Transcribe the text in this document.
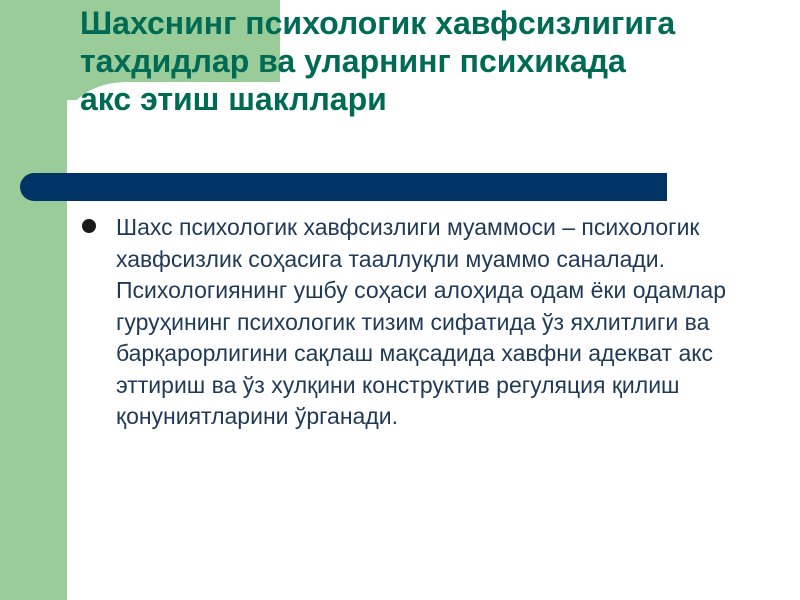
Шахснинг психологик хавфсизлигига тахдидлар ва уларнинг психикада акс этиш шакллари
Шахс психологик хавфсизлиги муаммоси – психологик хавфсизлик соҳасига тааллуқли муаммо саналади. Психологиянинг ушбу соҳаси алоҳида одам ёки одамлар гуруҳининг психологик тизим сифатида ўз яхлитлиги ва барқарорлигини сақлаш мақсадида хавфни адекват акс эттириш ва ўз хулқини конструктив регуляция қилиш қонуниятларини ўрганади.
